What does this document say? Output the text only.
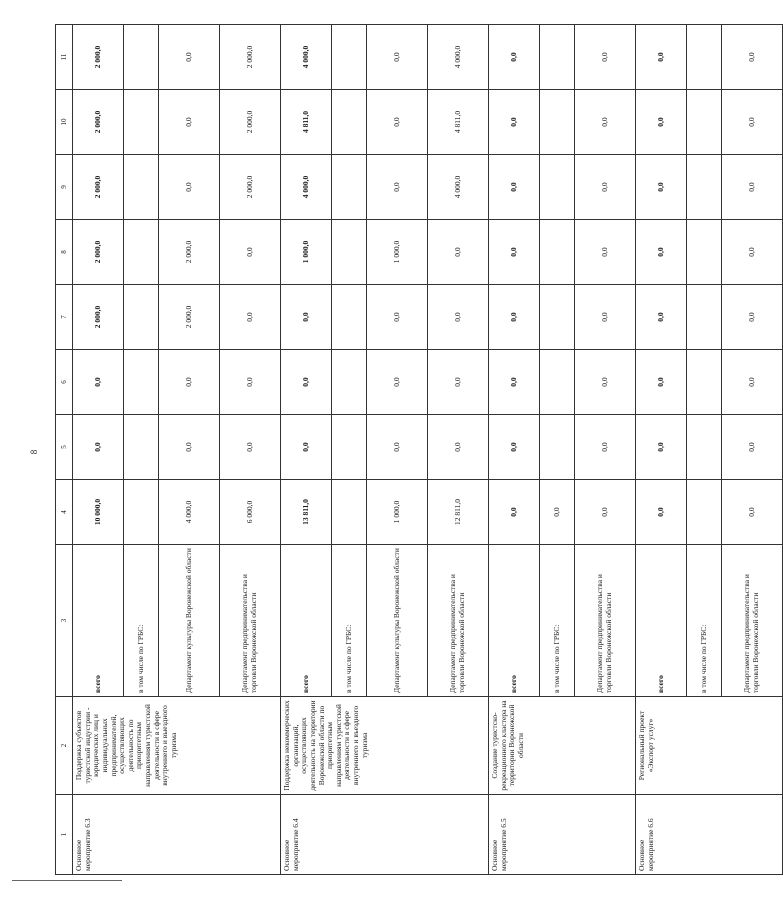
8
1	2	3	4	5	6	7	8	9	10	11
Основное мероприятие 6.3	Поддержка субъектов туристской индустрии - юридических лиц и индивидуальных предпринимателей, осуществляющих деятельность по приоритетным направлениям туристской деятельности в сфере внутреннего и выездного туризма	всего	10 000,0	0,0	0,0	2 000,0	2 000,0	2 000,0	2 000,0	2 000,0
		в том числе по ГРБС:								
		Департамент культуры Воронежской области	4 000,0	0,0	0,0	2 000,0	2 000,0	0,0	0,0	0,0
		Департамент предпринимательства и торговли Воронежской области	6 000,0	0,0	0,0	0,0	0,0	2 000,0	2 000,0	2 000,0
Основное мероприятие 6.4	Поддержка некоммерческих организаций, осуществляющих деятельность на территории Воронежской области по приоритетным направлениям туристской деятельности в сфере внутреннего и въездного туризма	всего	13 811,0	0,0	0,0	0,0	1 000,0	4 000,0	4 811,0	4 000,0
		в том числе по ГРБС:								
		Департамент культуры Воронежской области	1 000,0	0,0	0,0	0,0	1 000,0	0,0	0,0	0,0
		Департамент предпринимательства и торговли Воронежской области	12 811,0	0,0	0,0	0,0	0,0	4 000,0	4 811,0	4 000,0
Основное мероприятие 6.5	Создание туристско-рекреационного кластера на территории Воронежской области	всего	0,0	0,0	0,0	0,0	0,0	0,0	0,0	0,0
		в том числе по ГРБС:	0,0							
		Департамент предпринимательства и торговли Воронежской области	0,0	0,0	0,0	0,0	0,0	0,0	0,0	0,0
Основное мероприятие 6.6	Региональный проект «Экспорт услуг»	всего	0,0	0,0	0,0	0,0	0,0	0,0	0,0	0,0
		в том числе по ГРБС:								
		Департамент предпринимательства и торговли Воронежской области	0,0	0,0	0,0	0,0	0,0	0,0	0,0	0,0
